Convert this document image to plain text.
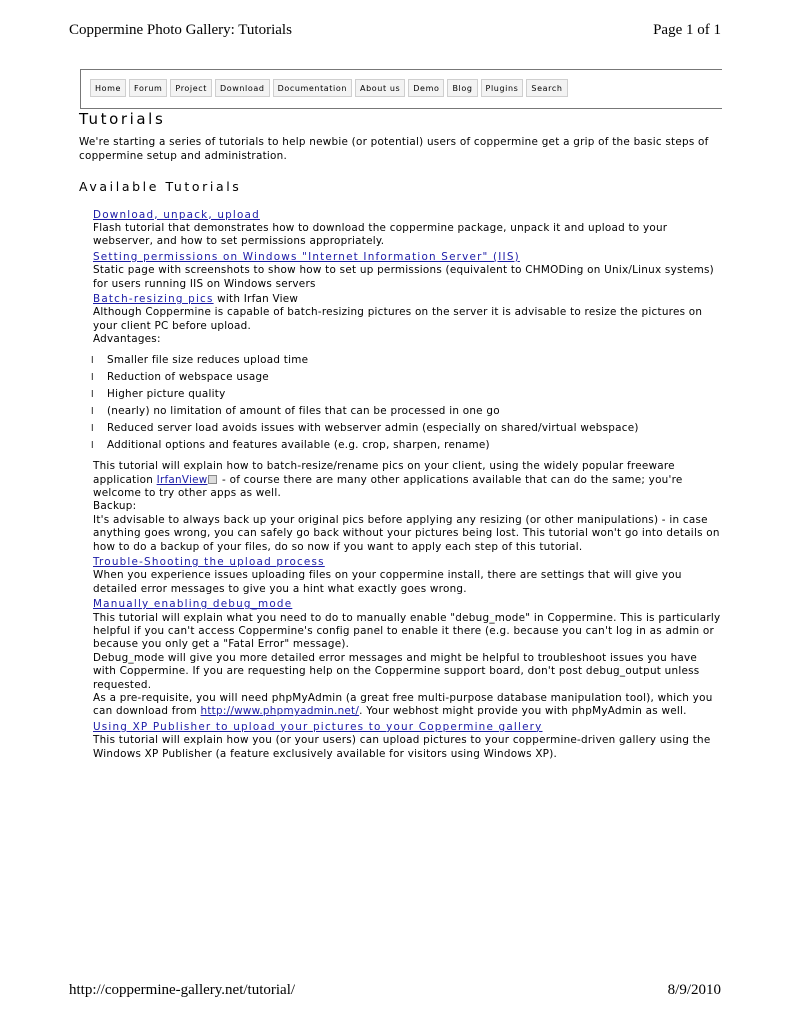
Coppermine Photo Gallery: Tutorials	Page 1 of 1
Home	Forum	Project	Download	Documentation	About us	Demo	Blog	Plugins	Search
Tutorials

We're starting a series of tutorials to help newbie (or potential) users of coppermine get a grip of the basic steps of coppermine setup and administration.

Available Tutorials
Download, unpack, upload

Flash tutorial that demonstrates how to download the coppermine package, unpack it and upload to your webserver, and how to set permissions appropriately.

Setting permissions on Windows "Internet Information Server" (IIS)

Static page with screenshots to show how to set up permissions (equivalent to CHMODing on Unix/Linux systems) for users running IIS on Windows servers

Batch-resizing pics with Irfan View

Although Coppermine is capable of batch-resizing pictures on the server it is advisable to resize the pictures on your client PC before upload.

Advantages:

l Smaller file size reduces upload time
l Reduction of webspace usage
l Higher picture quality
l (nearly) no limitation of amount of files that can be processed in one go
l Reduced server load avoids issues with webserver admin (especially on shared/virtual webspace)
l Additional options and features available (e.g. crop, sharpen, rename)

This tutorial will explain how to batch-resize/rename pics on your client, using the widely popular freeware application IrfanView - of course there are many other applications available that can do the same; you're welcome to try other apps as well.

Backup:

It's advisable to always back up your original pics before applying any resizing (or other manipulations) - in case anything goes wrong, you can safely go back without your pictures being lost. This tutorial won't go into details on how to do a backup of your files, do so now if you want to apply each step of this tutorial.

Trouble-Shooting the upload process

When you experience issues uploading files on your coppermine install, there are settings that will give you detailed error messages to give you a hint what exactly goes wrong.

Manually enabling debug_mode

This tutorial will explain what you need to do to manually enable "debug_mode" in Coppermine. This is particularly helpful if you can't access Coppermine's config panel to enable it there (e.g. because you can't log in as admin or because you only get a "Fatal Error" message).

Debug_mode will give you more detailed error messages and might be helpful to troubleshoot issues you have with Coppermine. If you are requesting help on the Coppermine support board, don't post debug_output unless requested.

As a pre-requisite, you will need phpMyAdmin (a great free multi-purpose database manipulation tool), which you can download from http://www.phpmyadmin.net/. Your webhost might provide you with phpMyAdmin as well.

Using XP Publisher to upload your pictures to your Coppermine gallery

This tutorial will explain how you (or your users) can upload pictures to your coppermine-driven gallery using the Windows XP Publisher (a feature exclusively available for visitors using Windows XP).

http://coppermine-gallery.net/tutorial/	8/9/2010
